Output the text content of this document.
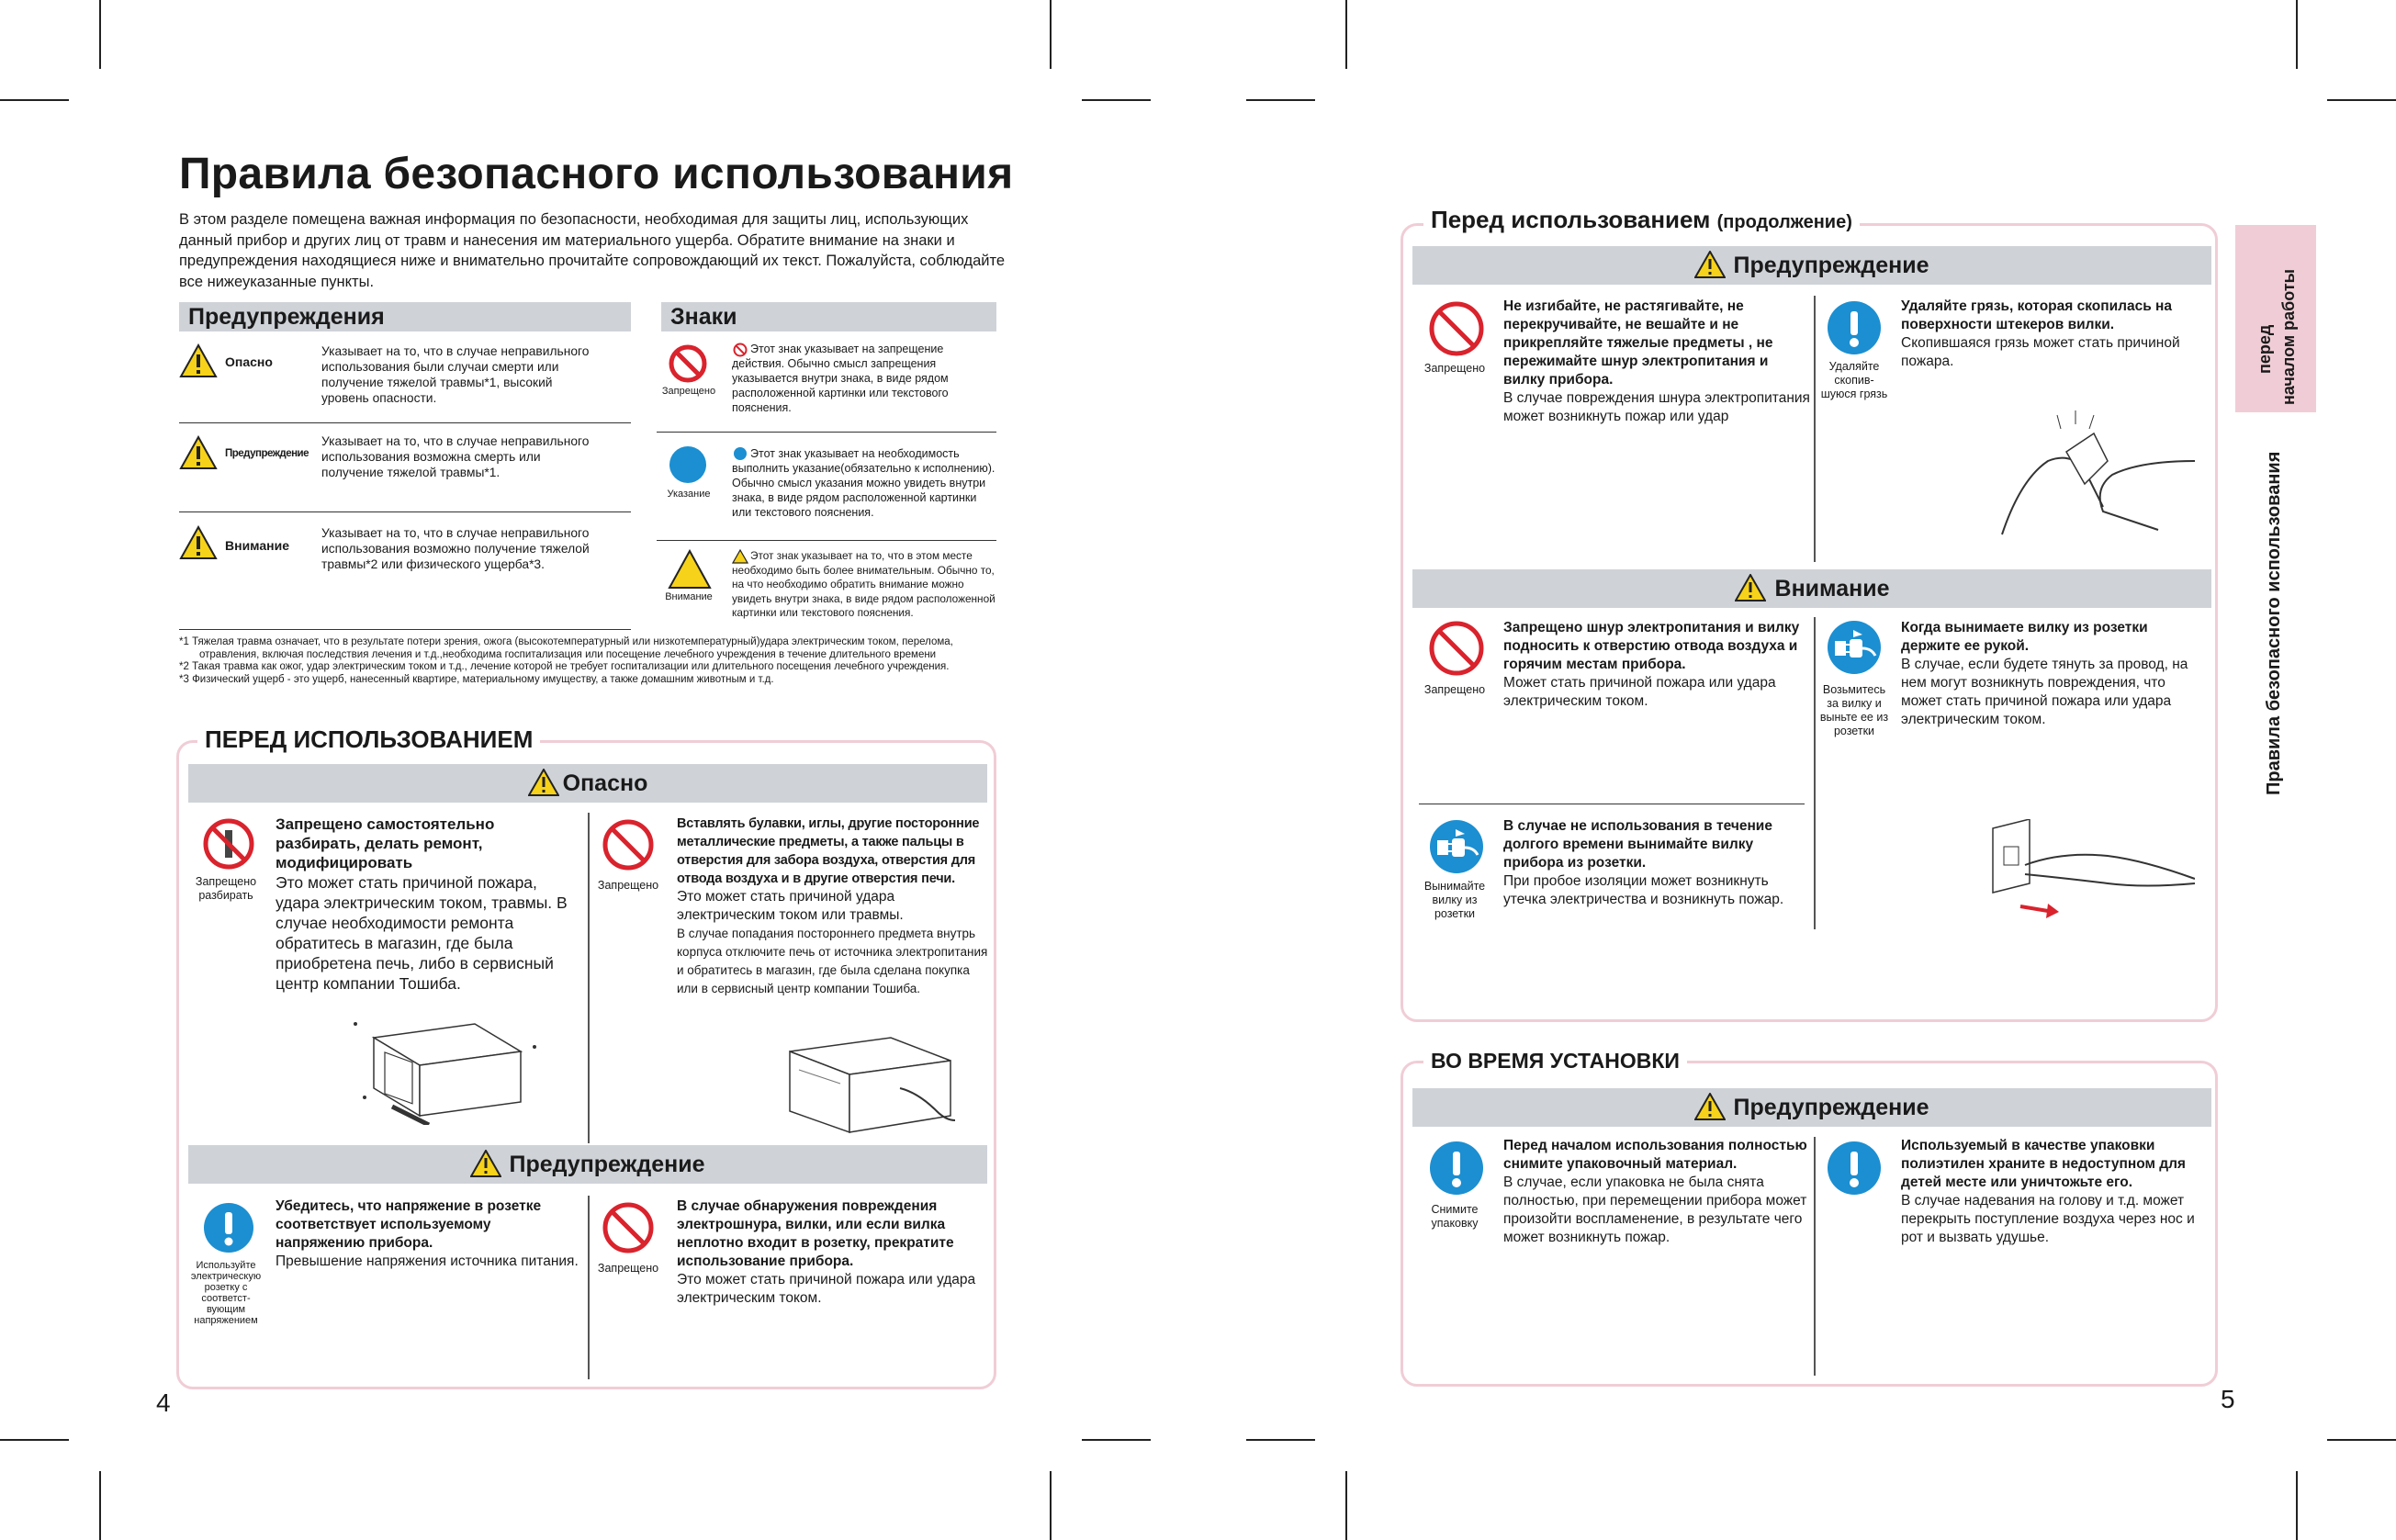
Правила безопасного использования
В этом разделе помещена важная информация по безопасности, необходимая для защиты лиц, использующих данный прибор и других лиц от травм и нанесения им материального ущерба. Обратите внимание на знаки и предупреждения находящиеся ниже и внимательно прочитайте сопровождающий их текст. Пожалуйста, соблюдайте все нижеуказанные пункты.
Предупреждения	Знаки
Опасно
Указывает на то, что в случае неправильного использования были случаи смерти или получение тяжелой травмы*1, высокий уровень опасности.
Предупреждение
Указывает на то, что в случае неправильного использования возможна смерть или получение тяжелой травмы*1.
Внимание
Указывает на то, что в случае неправильного использования возможно получение тяжелой травмы*2 или физического ущерба*3.
Запрещено
Этот знак указывает на запрещение действия. Обычно смысл запрещения указывается внутри знака, в виде рядом расположенной картинки или текстового пояснения.
Указание
Этот знак указывает на необходимость выполнить указание(обязательно к исполнению). Обычно смысл указания можно увидеть внутри знака, в виде рядом расположенной картинки или текстового пояснения.
Внимание
Этот знак указывает на то, что в этом месте необходимо быть более внимательным. Обычно то, на что необходимо обратить внимание можно увидеть внутри знака, в виде рядом расположенной картинки или текстового пояснения.
*1 Тяжелая травма означает, что в результате потери зрения, ожога (высокотемпературный или низкотемпературный)удара электрическим током, перелома, отравления, включая последствия лечения и т.д.,необходима госпитализация или посещение лечебного учреждения в течение длительного времени
*2 Такая травма как ожог, удар электрическим током и т.д., лечение которой не требует госпитализации или длительного посещения лечебного учреждения.
*3 Физический ущерб - это ущерб, нанесенный квартире, материальному имуществу, а также домашним животным и т.д.
ПЕРЕД ИСПОЛЬЗОВАНИЕМ
Опасно
Запрещено разбирать
Запрещено самостоятельно разбирать, делать ремонт, модифицировать
Это может стать причиной пожара, удара электрическим током, травмы. В случае необходимости ремонта обратитесь в магазин, где была приобретена печь, либо в сервисный центр компании Тошиба.
Запрещено
Вставлять булавки, иглы, другие посторонние металлические предметы, а также пальцы в отверстия для забора воздуха, отверстия для отвода воздуха и в другие отверстия печи.
Это может стать причиной удара электрическим током или травмы.
В случае попадания постороннего предмета внутрь корпуса отключите печь от источника электропитания и обратитесь в магазин, где была сделана покупка или в сервисный центр компании Тошиба.
Предупреждение
Используйте электрическую розетку с соответст-вующим напряжением
Убедитесь, что напряжение в розетке соответствует используемому напряжению прибора.
Превышение напряжения источника питания.	Запрещено
В случае обнаружения повреждения электрошнура, вилки, или если вилка неплотно входит в розетку, прекратите использование прибора.
Это может стать причиной пожара или удара электрическим током.
4
Перед использованием (продолжение)
Предупреждение
Запрещено
Не изгибайте, не растягивайте, не перекручивайте, не вешайте и не прикрепляйте тяжелые предметы , не пережимайте шнур электропитания и вилку прибора.
В случае повреждения шнура электропитания может возникнуть пожар или удар
Удаляйте скопив-шуюся грязь
Удаляйте грязь, которая скопилась на поверхности штекеров вилки.
Скопившаяся грязь может стать причиной пожара.
Внимание
Запрещено
Запрещено шнур электропитания и вилку подносить к отверстию отвода воздуха и горячим местам прибора.
Может стать причиной пожара или удара электрическим током.
Возьмитесь за вилку и выньте ее из розетки
Когда вынимаете вилку из розетки держите ее рукой.
В случае, если будете тянуть за провод, на нем могут возникнуть повреждения, что может стать причиной пожара или удара электрическим током.
Вынимайте вилку из розетки
В случае не использования в течение долгого времени вынимайте вилку прибора из розетки.
При пробое изоляции может возникнуть утечка электричества и возникнуть пожар.
ВО ВРЕМЯ УСТАНОВКИ
Предупреждение
Снимите упаковку
Перед началом использования полностью снимите упаковочный материал.
В случае, если упаковка не была снята полностью, при перемещении прибора может произойти воспламенение, в результате чего может возникнуть пожар.
Используемый в качестве упаковки полиэтилен храните в недоступном для детей месте или уничтожьте его.
В случае надевания на голову и т.д. может перекрыть поступление воздуха через нос и рот и вызвать удушье.
перед началом работы
Правила безопасного использования
5
